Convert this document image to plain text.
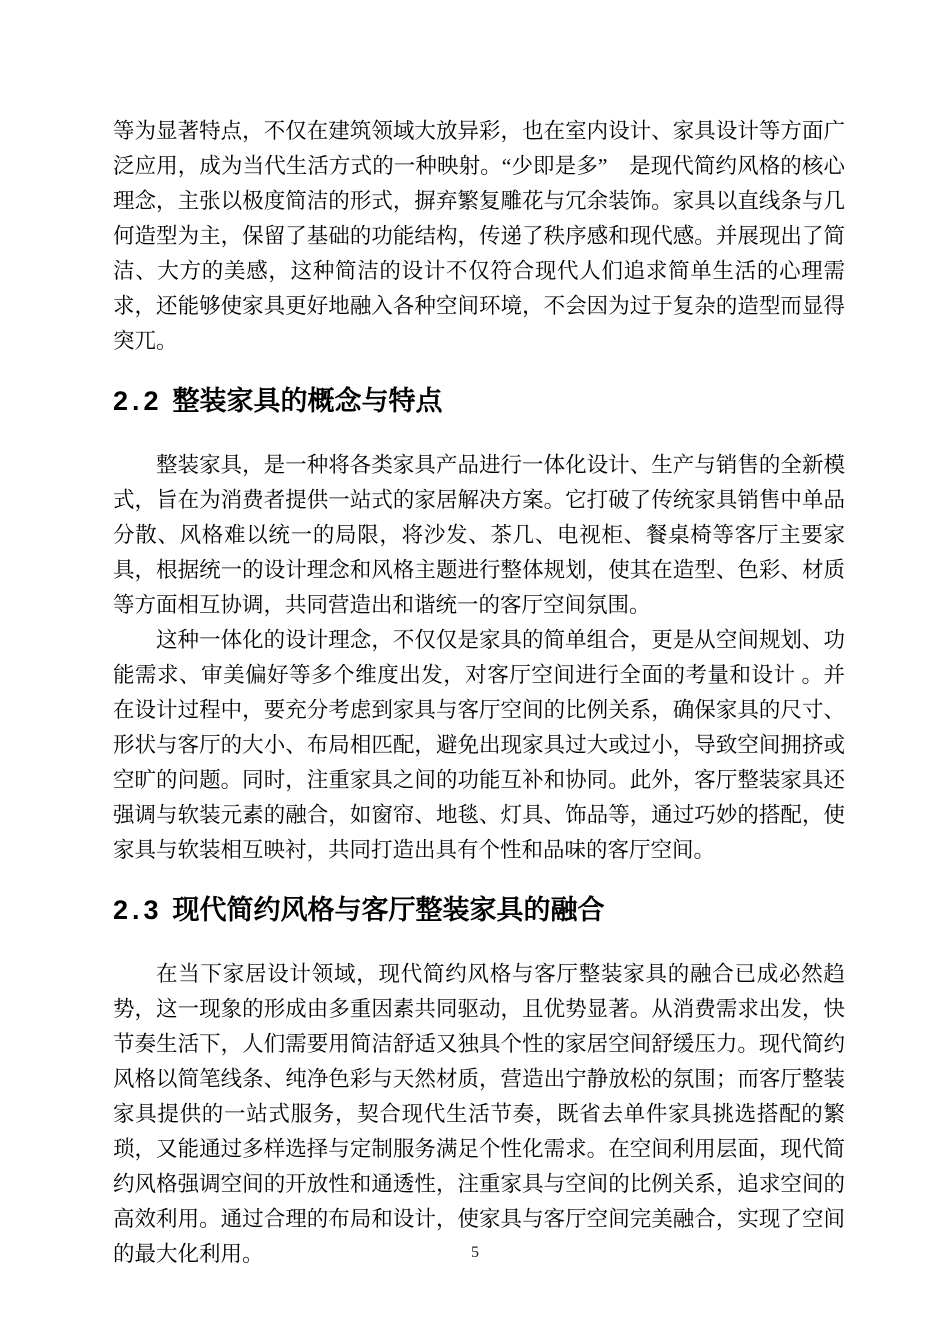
等为显著特点，不仅在建筑领域大放异彩，也在室内设计、家具设计等方面广泛应用，成为当代生活方式的一种映射。“少即是多”　是现代简约风格的核心理念，主张以极度简洁的形式，摒弃繁复雕花与冗余装饰。家具以直线条与几何造型为主，保留了基础的功能结构，传递了秩序感和现代感。并展现出了简洁、大方的美感，这种简洁的设计不仅符合现代人们追求简单生活的心理需求，还能够使家具更好地融入各种空间环境，不会因为过于复杂的造型而显得突兀。

2.2 整装家具的概念与特点

整装家具，是一种将各类家具产品进行一体化设计、生产与销售的全新模式，旨在为消费者提供一站式的家居解决方案。它打破了传统家具销售中单品分散、风格难以统一的局限，将沙发、茶几、电视柜、餐桌椅等客厅主要家具，根据统一的设计理念和风格主题进行整体规划，使其在造型、色彩、材质等方面相互协调，共同营造出和谐统一的客厅空间氛围。

这种一体化的设计理念，不仅仅是家具的简单组合，更是从空间规划、功能需求、审美偏好等多个维度出发，对客厅空间进行全面的考量和设计 。并在设计过程中，要充分考虑到家具与客厅空间的比例关系，确保家具的尺寸、形状与客厅的大小、布局相匹配，避免出现家具过大或过小，导致空间拥挤或空旷的问题。同时，注重家具之间的功能互补和协同。此外，客厅整装家具还强调与软装元素的融合，如窗帘、地毯、灯具、饰品等，通过巧妙的搭配，使家具与软装相互映衬，共同打造出具有个性和品味的客厅空间。

2.3 现代简约风格与客厅整装家具的融合

在当下家居设计领域，现代简约风格与客厅整装家具的融合已成必然趋势，这一现象的形成由多重因素共同驱动，且优势显著。从消费需求出发，快节奏生活下，人们需要用简洁舒适又独具个性的家居空间舒缓压力。现代简约风格以简笔线条、纯净色彩与天然材质，营造出宁静放松的氛围；而客厅整装家具提供的一站式服务，契合现代生活节奏，既省去单件家具挑选搭配的繁琐，又能通过多样选择与定制服务满足个性化需求。在空间利用层面，现代简约风格强调空间的开放性和通透性，注重家具与空间的比例关系，追求空间的高效利用。通过合理的布局和设计，使家具与客厅空间完美融合，实现了空间的最大化利用。	5
